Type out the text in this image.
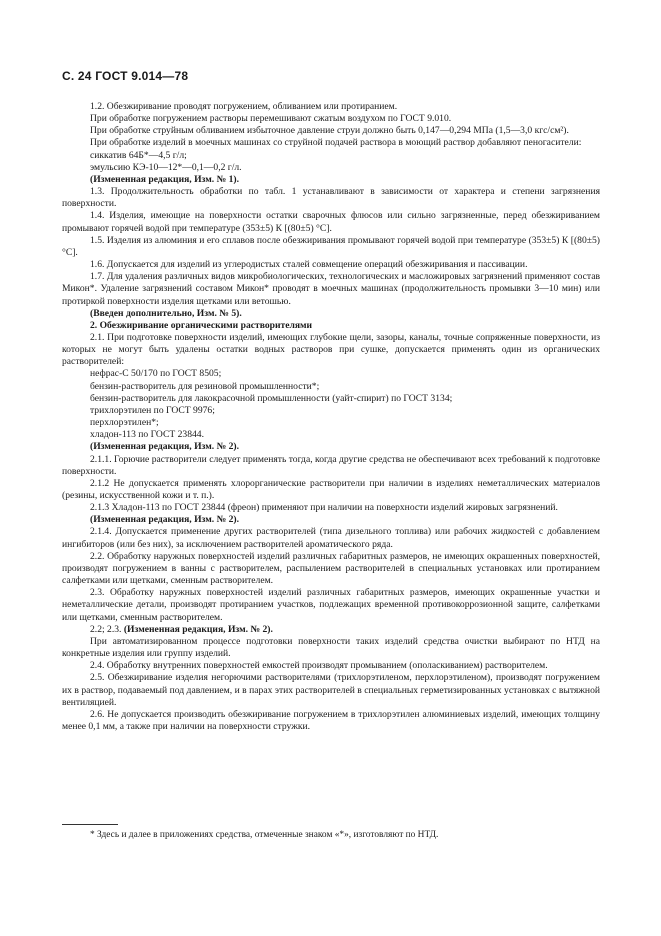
С. 24 ГОСТ 9.014—78

1.2. Обезжиривание проводят погружением, обливанием или протиранием.

При обработке погружением растворы перемешивают сжатым воздухом по ГОСТ 9.010.

При обработке струйным обливанием избыточное давление струи должно быть 0,147—0,294 МПа (1,5—3,0 кгс/см²).

При обработке изделий в моечных машинах со струйной подачей раствора в моющий раствор добавляют пеногасители:

сиккатив 64Б*—4,5 г/л;

эмульсию КЭ-10—12*—0,1—0,2 г/л.

(Измененная редакция, Изм. № 1).

1.3. Продолжительность обработки по табл. 1 устанавливают в зависимости от характера и степени загрязнения поверхности.

1.4. Изделия, имеющие на поверхности остатки сварочных флюсов или сильно загрязненные, перед обезжириванием промывают горячей водой при температуре (353±5) К [(80±5) °С].

1.5. Изделия из алюминия и его сплавов после обезжиривания промывают горячей водой при температуре (353±5) К [(80±5) °С].

1.6. Допускается для изделий из углеродистых сталей совмещение операций обезжиривания и пассивации.

1.7. Для удаления различных видов микробиологических, технологических и масложировых загрязнений применяют состав Микон*. Удаление загрязнений составом Микон* проводят в моечных машинах (продолжительность промывки 3—10 мин) или протиркой поверхности изделия щетками или ветошью.

(Введен дополнительно, Изм. № 5).

2. Обезжиривание органическими растворителями

2.1. При подготовке поверхности изделий, имеющих глубокие щели, зазоры, каналы, точные сопряженные поверхности, из которых не могут быть удалены остатки водных растворов при сушке, допускается применять один из органических растворителей:

нефрас-С 50/170 по ГОСТ 8505;

бензин-растворитель для резиновой промышленности*;

бензин-растворитель для лакокрасочной промышленности (уайт-спирит) по ГОСТ 3134;

трихлорэтилен по ГОСТ 9976;

перхлорэтилен*;

хладон-113 по ГОСТ 23844.

(Измененная редакция, Изм. № 2).

2.1.1. Горючие растворители следует применять тогда, когда другие средства не обеспечивают всех требований к подготовке поверхности.

2.1.2 Не допускается применять хлорорганические растворители при наличии в изделиях неметаллических материалов (резины, искусственной кожи и т. п.).

2.1.3 Хладон-113 по ГОСТ 23844 (фреон) применяют при наличии на поверхности изделий жировых загрязнений.

(Измененная редакция, Изм. № 2).

2.1.4. Допускается применение других растворителей (типа дизельного топлива) или рабочих жидкостей с добавлением ингибиторов (или без них), за исключением растворителей ароматического ряда.

2.2. Обработку наружных поверхностей изделий различных габаритных размеров, не имеющих окрашенных поверхностей, производят погружением в ванны с растворителем, распылением растворителей в специальных установках или протиранием салфетками или щетками, сменным растворителем.

2.3. Обработку наружных поверхностей изделий различных габаритных размеров, имеющих окрашенные участки и неметаллические детали, производят протиранием участков, подлежащих временной противокоррозионной защите, салфетками или щетками, сменным растворителем.

2.2; 2.3. (Измененная редакция, Изм. № 2).

При автоматизированном процессе подготовки поверхности таких изделий средства очистки выбирают по НТД на конкретные изделия или группу изделий.

2.4. Обработку внутренних поверхностей емкостей производят промыванием (ополаскиванием) растворителем.

2.5. Обезжиривание изделия негорючими растворителями (трихлорэтиленом, перхлорэтиленом), производят погружением их в раствор, подаваемый под давлением, и в парах этих растворителей в специальных герметизированных установках с вытяжной вентиляцией.

2.6. Не допускается производить обезжиривание погружением в трихлорэтилен алюминиевых изделий, имеющих толщину менее 0,1 мм, а также при наличии на поверхности стружки.

* Здесь и далее в приложениях средства, отмеченные знаком «*», изготовляют по НТД.
